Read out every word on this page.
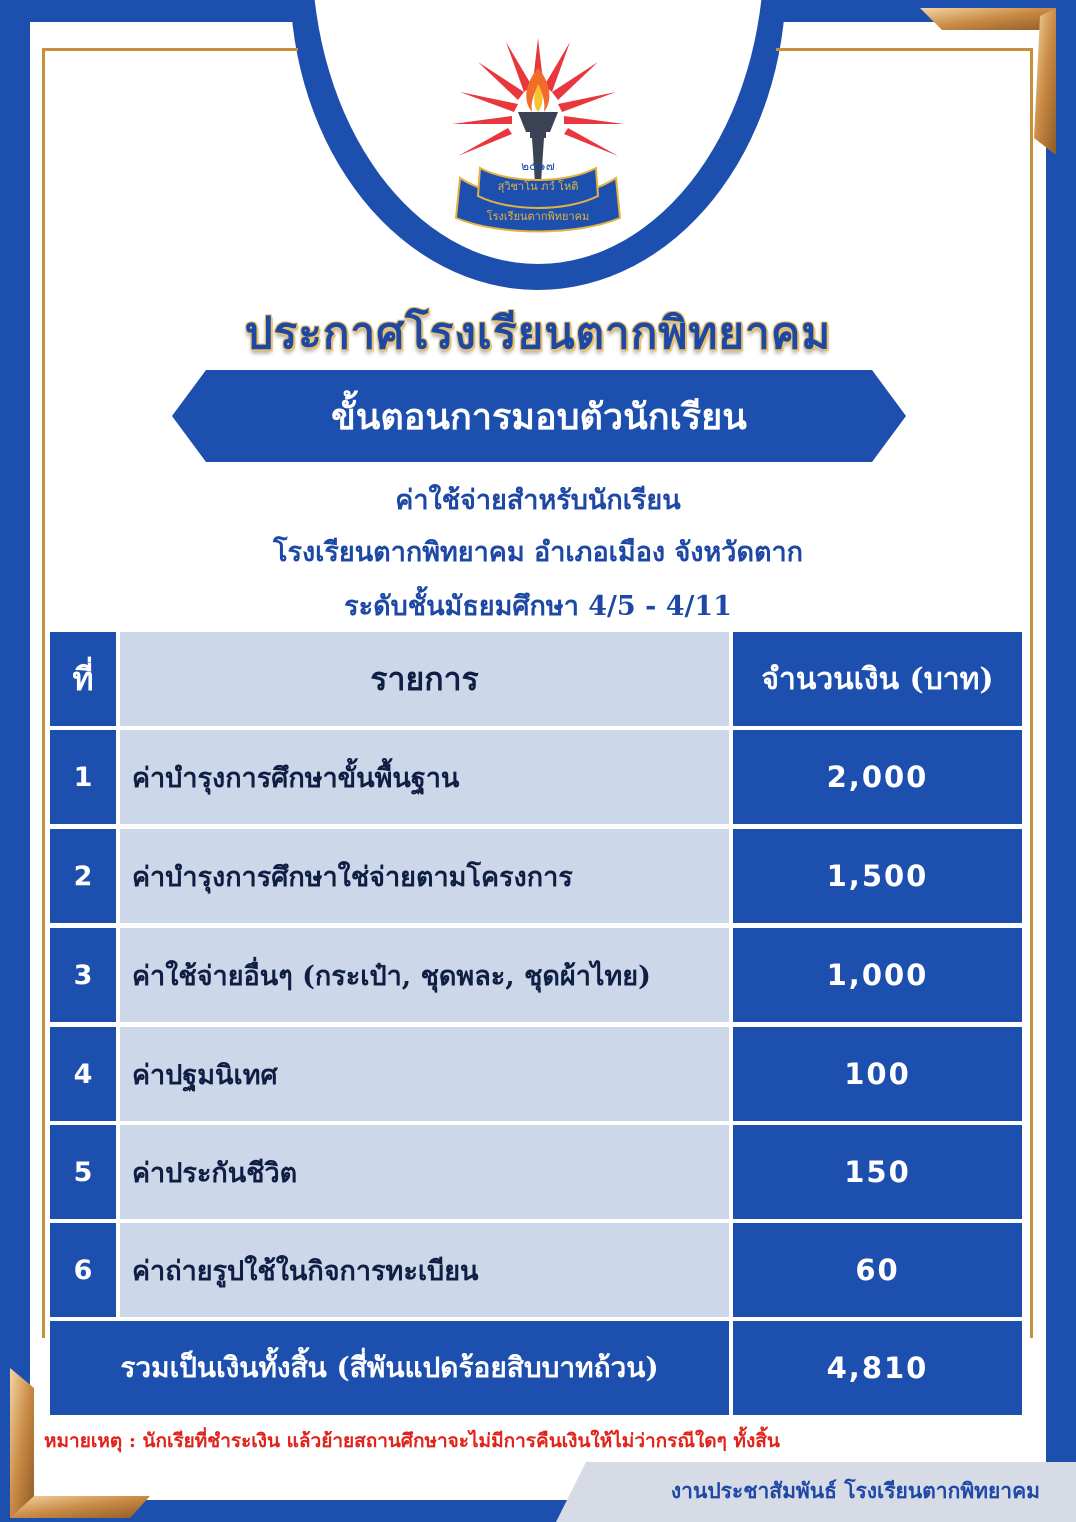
สุวิชาโน ภวํ โหติ
โรงเรียนตากพิทยาคม
๒๕๑๗
ประกาศโรงเรียนตากพิทยาคม
ขั้นตอนการมอบตัวนักเรียน
ค่าใช้จ่ายสำหรับนักเรียน
โรงเรียนตากพิทยาคม อำเภอเมือง จังหวัดตาก
ระดับชั้นมัธยมศึกษา 4/5 - 4/11
ที่	รายการ	จำนวนเงิน (บาท)
1	ค่าบำรุงการศึกษาขั้นพื้นฐาน	2,000
2	ค่าบำรุงการศึกษาใช่จ่ายตามโครงการ	1,500
3	ค่าใช้จ่ายอื่นๆ (กระเป๋า, ชุดพละ, ชุดผ้าไทย)	1,000
4	ค่าปฐมนิเทศ	100
5	ค่าประกันชีวิต	150
6	ค่าถ่ายรูปใช้ในกิจการทะเบียน	60
รวมเป็นเงินทั้งสิ้น (สี่พันแปดร้อยสิบบาทถ้วน)	4,810
หมายเหตุ : นักเรียที่ชำระเงิน แล้วย้ายสถานศึกษาจะไม่มีการคืนเงินให้ไม่ว่ากรณีใดๆ ทั้งสิ้น
งานประชาสัมพันธ์ โรงเรียนตากพิทยาคม
